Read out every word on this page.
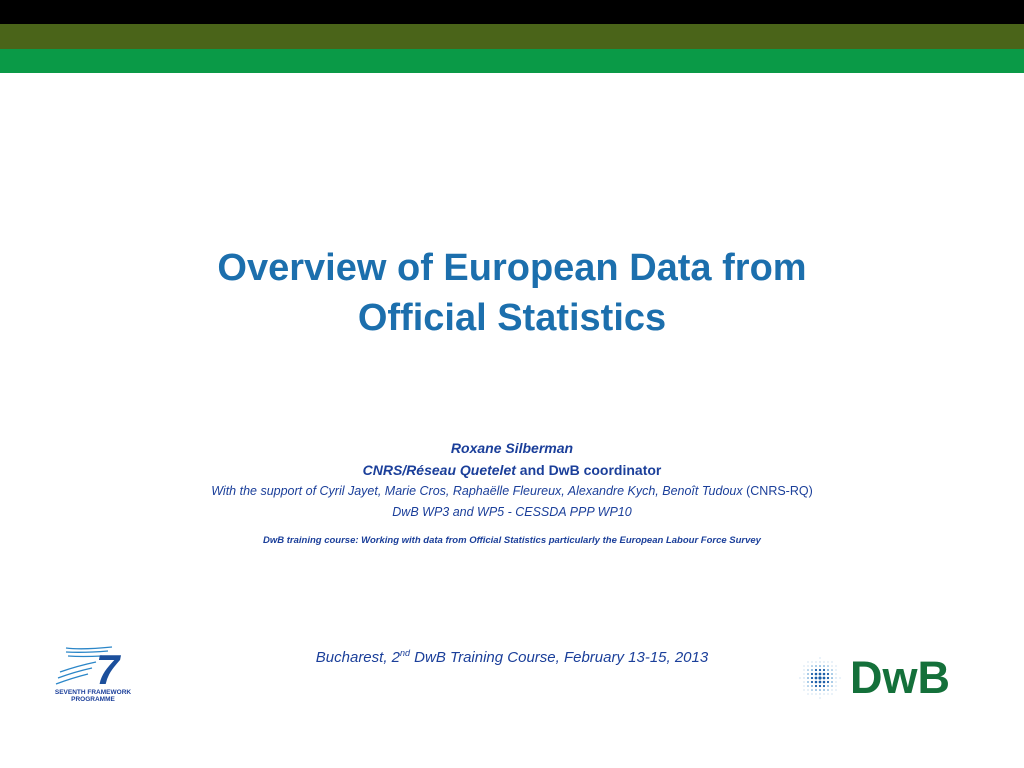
Overview of European Data from
Official Statistics
Roxane Silberman
CNRS/Réseau Quetelet and DwB coordinator
With the support of Cyril Jayet, Marie Cros, Raphaëlle Fleureux, Alexandre Kych, Benoît Tudoux (CNRS-RQ)
DwB WP3 and WP5 - CESSDA PPP WP10
DwB training course: Working with data from Official Statistics particularly the European Labour Force Survey
Bucharest, 2nd DwB Training Course, February 13-15, 2013
7
SEVENTH FRAMEWORK
PROGRAMME	DwB
